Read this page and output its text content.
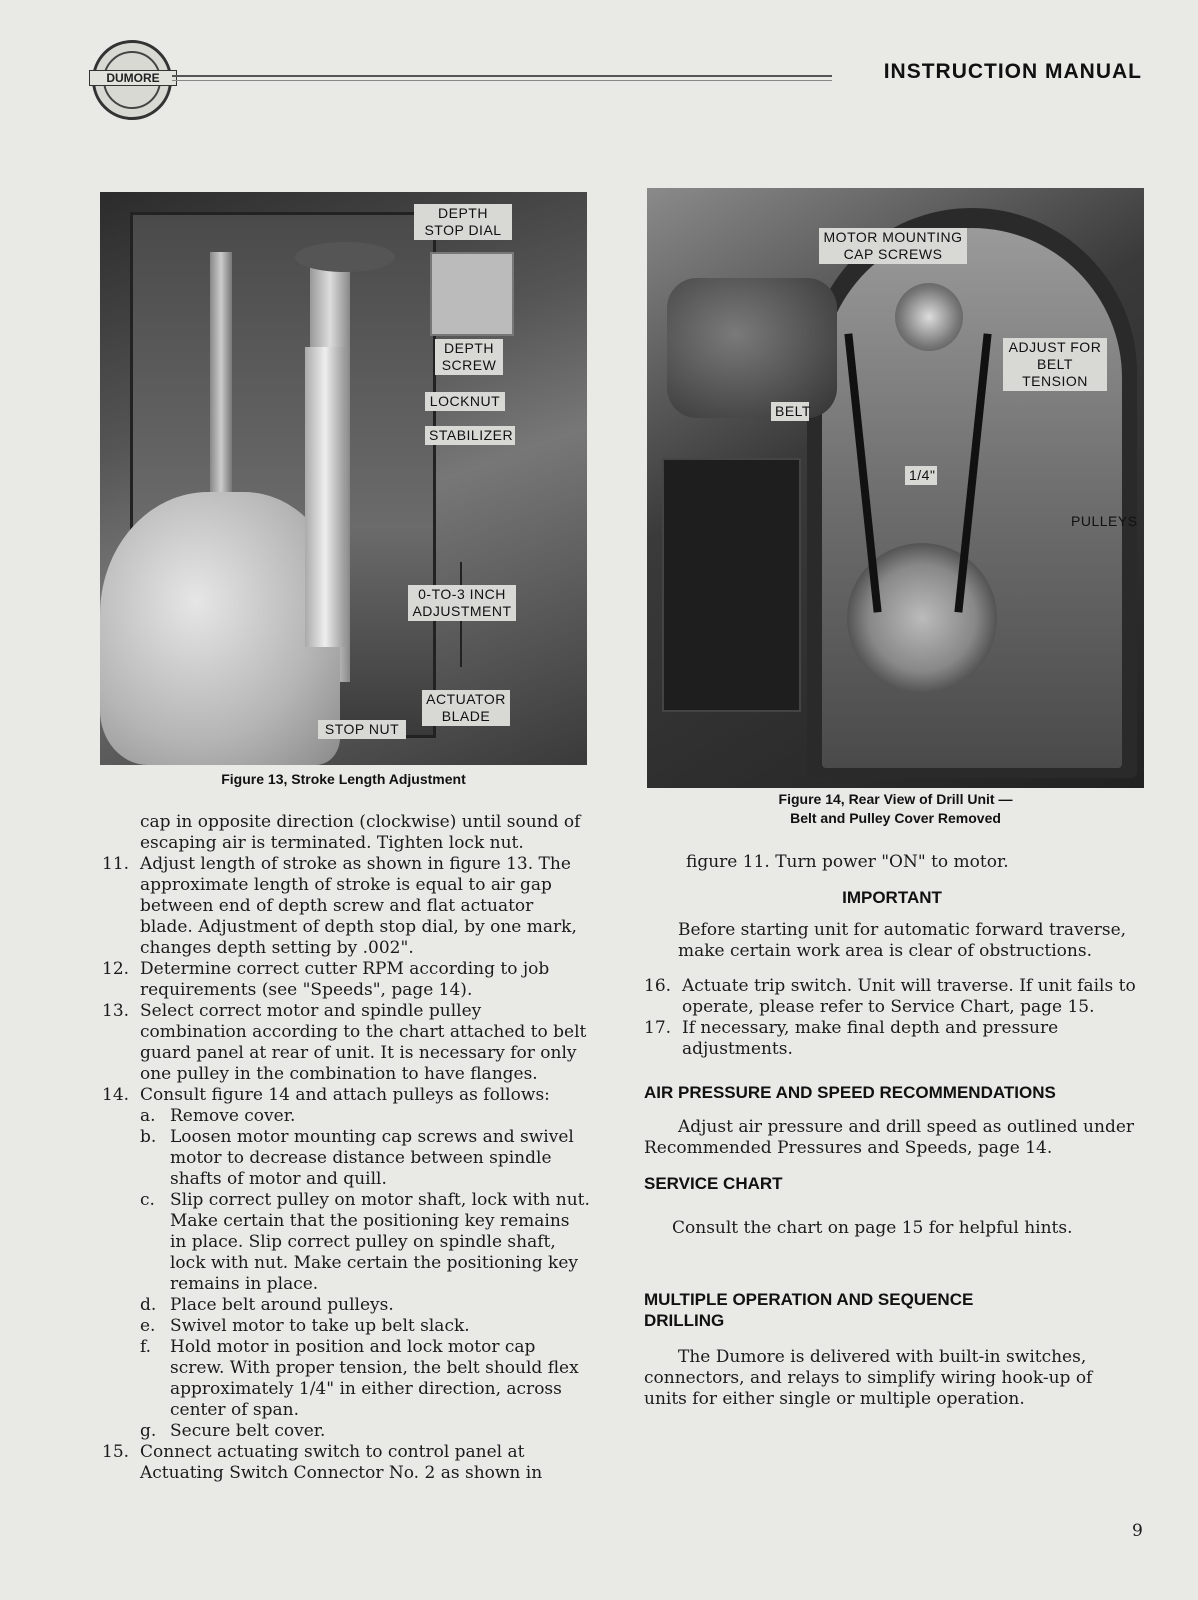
DUMORE	INSTRUCTION MANUAL
DEPTH STOP DIAL
DEPTH SCREW
LOCKNUT
STABILIZER
0-TO-3 INCH ADJUSTMENT
ACTUATOR BLADE
STOP NUT
Figure 13, Stroke Length Adjustment
MOTOR MOUNTING CAP SCREWS
ADJUST FOR BELT TENSION
BELT
1/4"
PULLEYS
Figure 14, Rear View of Drill Unit —
Belt and Pulley Cover Removed

cap in opposite direction (clockwise) until sound of escaping air is terminated. Tighten lock nut.

11. Adjust length of stroke as shown in figure 13. The approximate length of stroke is equal to air gap between end of depth screw and flat actuator blade. Adjustment of depth stop dial, by one mark, changes depth setting by .002".
12. Determine correct cutter RPM according to job requirements (see "Speeds", page 14).
13. Select correct motor and spindle pulley combination according to the chart attached to belt guard panel at rear of unit. It is necessary for only one pulley in the combination to have flanges.
14. Consult figure 14 and attach pulleys as follows:
a. Remove cover.
b. Loosen motor mounting cap screws and swivel motor to decrease distance between spindle shafts of motor and quill.
c. Slip correct pulley on motor shaft, lock with nut. Make certain that the positioning key remains in place. Slip correct pulley on spindle shaft, lock with nut. Make certain the positioning key remains in place.
d. Place belt around pulleys.
e. Swivel motor to take up belt slack.
f. Hold motor in position and lock motor cap screw. With proper tension, the belt should flex approximately 1/4" in either direction, across center of span.
g. Secure belt cover.
15. Connect actuating switch to control panel at Actuating Switch Connector No. 2 as shown in

figure 11. Turn power "ON" to motor.

IMPORTANT

Before starting unit for automatic forward traverse, make certain work area is clear of obstructions.

16. Actuate trip switch. Unit will traverse. If unit fails to operate, please refer to Service Chart, page 15.
17. If necessary, make final depth and pressure adjustments.

AIR PRESSURE AND SPEED RECOMMENDATIONS

Adjust air pressure and drill speed as outlined under Recommended Pressures and Speeds, page 14.

SERVICE CHART

Consult the chart on page 15 for helpful hints.

MULTIPLE OPERATION AND SEQUENCE DRILLING

The Dumore is delivered with built-in switches, connectors, and relays to simplify wiring hook-up of units for either single or multiple operation.

9
